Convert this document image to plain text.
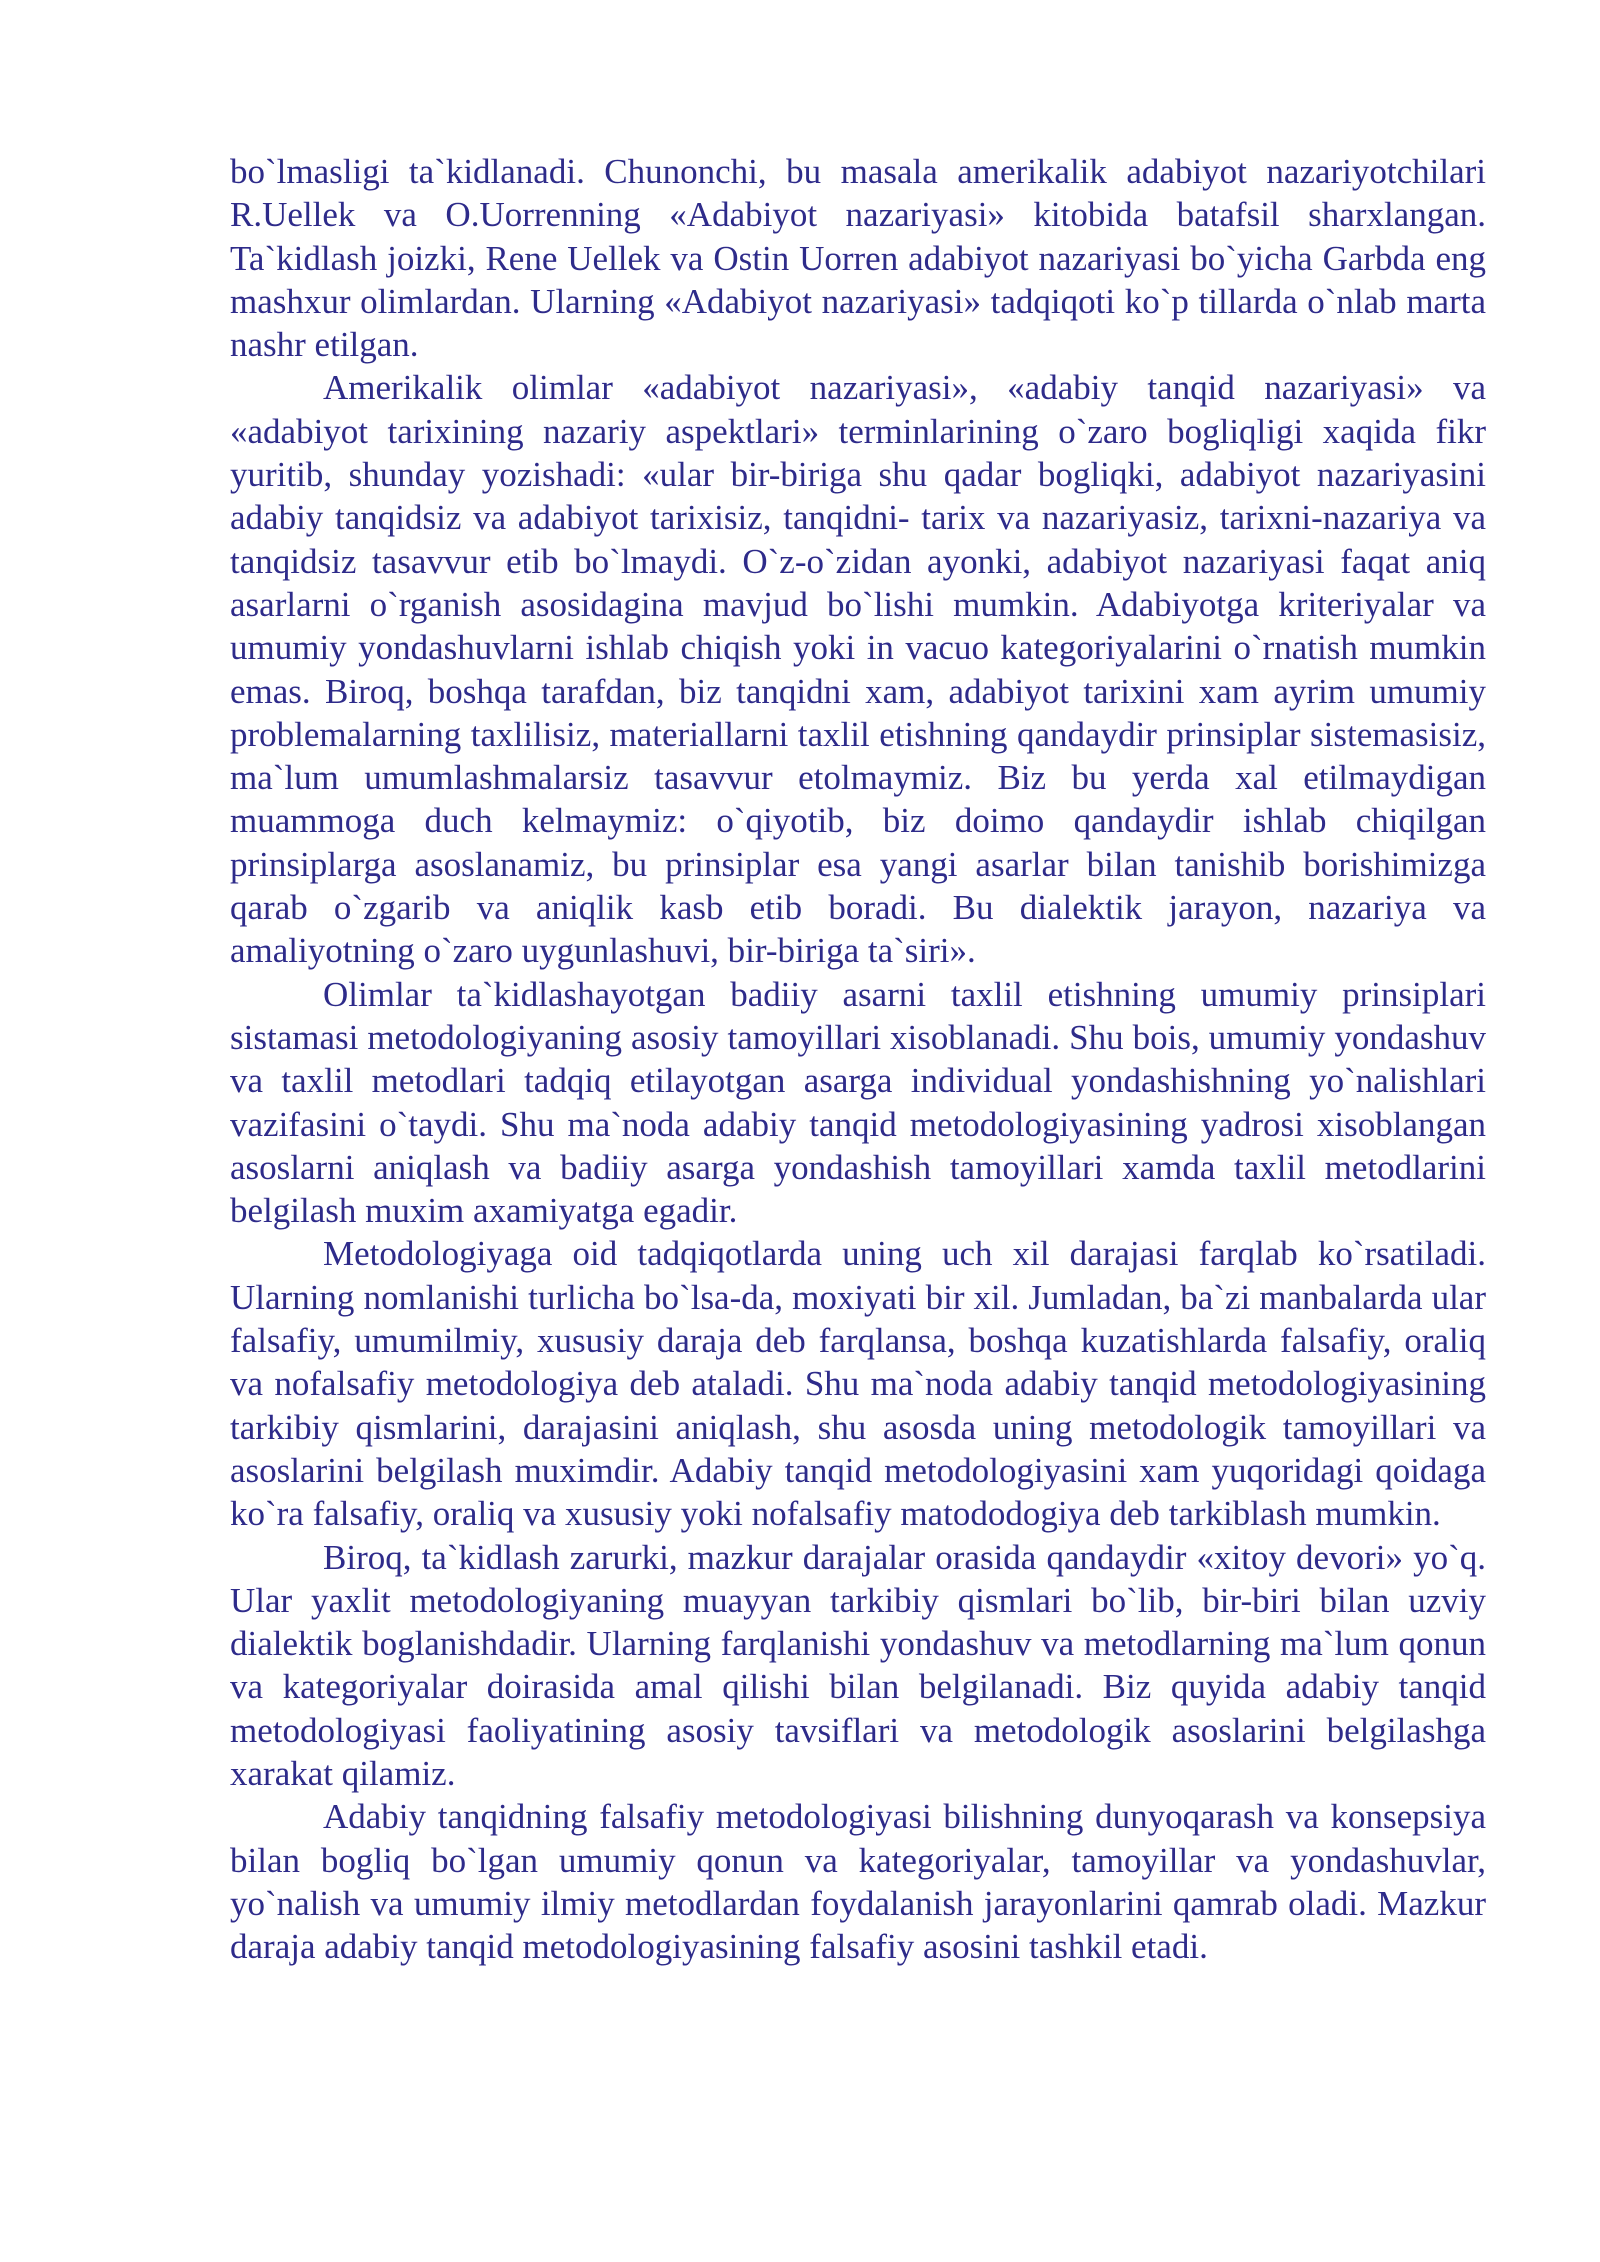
bo`lmasligi ta`kidlanadi. Chunonchi, bu masala amerikalik adabiyot nazariyotchilari R.Uellek va O.Uorrenning «Adabiyot nazariyasi» kitobida batafsil sharxlangan. Ta`kidlash joizki, Rene Uellek va Ostin Uorren adabiyot nazariyasi bo`yicha Garbda eng mashxur olimlardan. Ularning «Adabiyot nazariyasi» tadqiqoti ko`p tillarda o`nlab marta nashr etilgan.

Amerikalik olimlar «adabiyot nazariyasi», «adabiy tanqid nazariyasi» va «adabiyot tarixining nazariy aspektlari» terminlarining o`zaro bogliqligi xaqida fikr yuritib, shunday yozishadi: «ular bir-biriga shu qadar bogliqki, adabiyot nazariyasini adabiy tanqidsiz va adabiyot tarixisiz, tanqidni- tarix va nazariyasiz, tarixni-nazariya va tanqidsiz tasavvur etib bo`lmaydi. O`z-o`zidan ayonki, adabiyot nazariyasi faqat aniq asarlarni o`rganish asosidagina mavjud bo`lishi mumkin. Adabiyotga kriteriyalar va umumiy yondashuvlarni ishlab chiqish yoki in vacuo kategoriyalarini o`rnatish mumkin emas. Biroq, boshqa tarafdan, biz tanqidni xam, adabiyot tarixini xam ayrim umumiy problemalarning taxlilisiz, materiallarni taxlil etishning qandaydir prinsiplar sistemasisiz, ma`lum umumlashmalarsiz tasavvur etolmaymiz. Biz bu yerda xal etilmaydigan muammoga duch kelmaymiz: o`qiyotib, biz doimo qandaydir ishlab chiqilgan prinsiplarga asoslanamiz, bu prinsiplar esa yangi asarlar bilan tanishib borishimizga qarab o`zgarib va aniqlik kasb etib boradi. Bu dialektik jarayon, nazariya va amaliyotning o`zaro uygunlashuvi, bir-biriga ta`siri».

Olimlar ta`kidlashayotgan badiiy asarni taxlil etishning umumiy prinsiplari sistamasi metodologiyaning asosiy tamoyillari xisoblanadi. Shu bois, umumiy yondashuv va taxlil metodlari tadqiq etilayotgan asarga individual yondashishning yo`nalishlari vazifasini o`taydi. Shu ma`noda adabiy tanqid metodologiyasining yadrosi xisoblangan asoslarni aniqlash va badiiy asarga yondashish tamoyillari xamda taxlil metodlarini belgilash muxim axamiyatga egadir.

Metodologiyaga oid tadqiqotlarda uning uch xil darajasi farqlab ko`rsatiladi. Ularning nomlanishi turlicha bo`lsa-da, moxiyati bir xil. Jumladan, ba`zi manbalarda ular falsafiy, umumilmiy, xususiy daraja deb farqlansa, boshqa kuzatishlarda falsafiy, oraliq va nofalsafiy metodologiya deb ataladi. Shu ma`noda adabiy tanqid metodologiyasining tarkibiy qismlarini, darajasini aniqlash, shu asosda uning metodologik tamoyillari va asoslarini belgilash muximdir. Adabiy tanqid metodologiyasini xam yuqoridagi qoidaga ko`ra falsafiy, oraliq va xususiy yoki nofalsafiy matododogiya deb tarkiblash mumkin.

Biroq, ta`kidlash zarurki, mazkur darajalar orasida qandaydir «xitoy devori» yo`q. Ular yaxlit metodologiyaning muayyan tarkibiy qismlari bo`lib, bir-biri bilan uzviy dialektik boglanishdadir. Ularning farqlanishi yondashuv va metodlarning ma`lum qonun va kategoriyalar doirasida amal qilishi bilan belgilanadi. Biz quyida adabiy tanqid metodologiyasi faoliyatining asosiy tavsiflari va metodologik asoslarini belgilashga xarakat qilamiz.

Adabiy tanqidning falsafiy metodologiyasi bilishning dunyoqarash va konsepsiya bilan bogliq bo`lgan umumiy qonun va kategoriyalar, tamoyillar va yondashuvlar, yo`nalish va umumiy ilmiy metodlardan foydalanish jarayonlarini qamrab oladi. Mazkur daraja adabiy tanqid metodologiyasining falsafiy asosini tashkil etadi.
